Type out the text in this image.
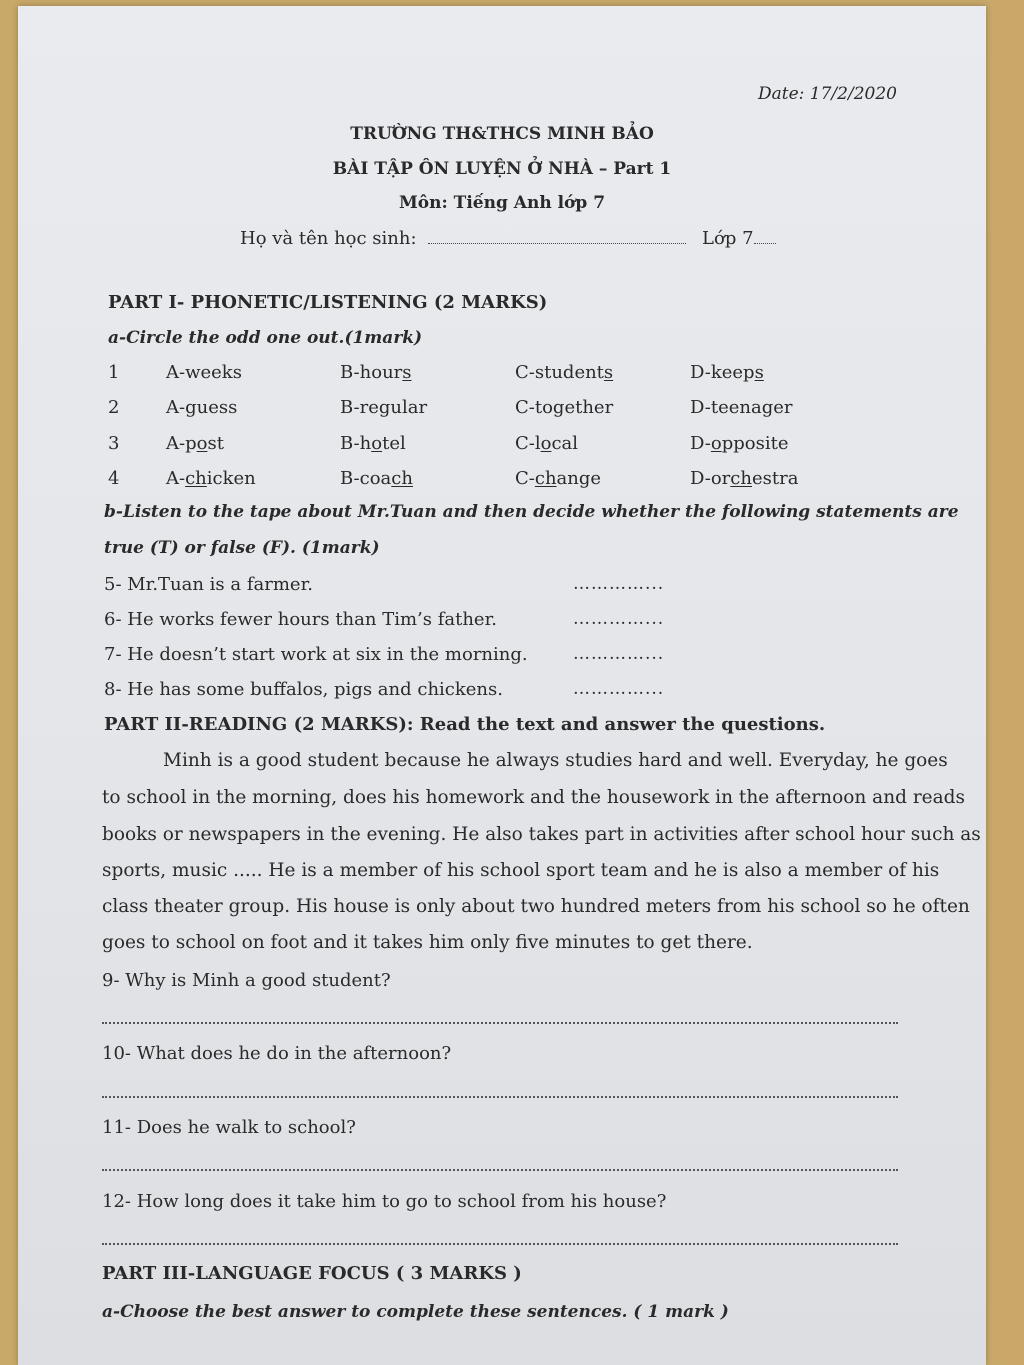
Date: 17/2/2020
TRƯỜNG TH&THCS MINH BẢO
BÀI TẬP ÔN LUYỆN Ở NHÀ – Part 1
Môn: Tiếng Anh lớp 7
Họ và tên học sinh:	Lớp 7
PART I- PHONETIC/LISTENING (2 MARKS)
a-Circle the odd one out.(1mark)
1	A-weeks	B-hours	C-students	D-keeps
2	A-guess	B-regular	C-together	D-teenager
3	A-post	B-hotel	C-local	D-opposite
4	A-chicken	B-coach	C-change	D-orchestra
b-Listen to the tape about Mr.Tuan and then decide whether the following statements are
true (T) or false (F). (1mark)
5- Mr.Tuan is a farmer.	…………...
6- He works fewer hours than Tim’s father.	…………...
7- He doesn’t start work at six in the morning.	…………...
8- He has some buffalos, pigs and chickens.	…………...
PART II-READING (2 MARKS): Read the text and answer the questions.
Minh is a good student because he always studies hard and well. Everyday, he goes
to school in the morning, does his homework and the housework in the afternoon and reads
books or newspapers in the evening. He also takes part in activities after school hour such as
sports, music ..... He is a member of his school sport team and he is also a member of his
class theater group. His house is only about two hundred meters from his school so he often
goes to school on foot and it takes him only five minutes to get there.
9- Why is Minh a good student?
10- What does he do in the afternoon?
11- Does he walk to school?
12- How long does it take him to go to school from his house?
PART III-LANGUAGE FOCUS ( 3 MARKS )
a-Choose the best answer to complete these sentences. ( 1 mark )
